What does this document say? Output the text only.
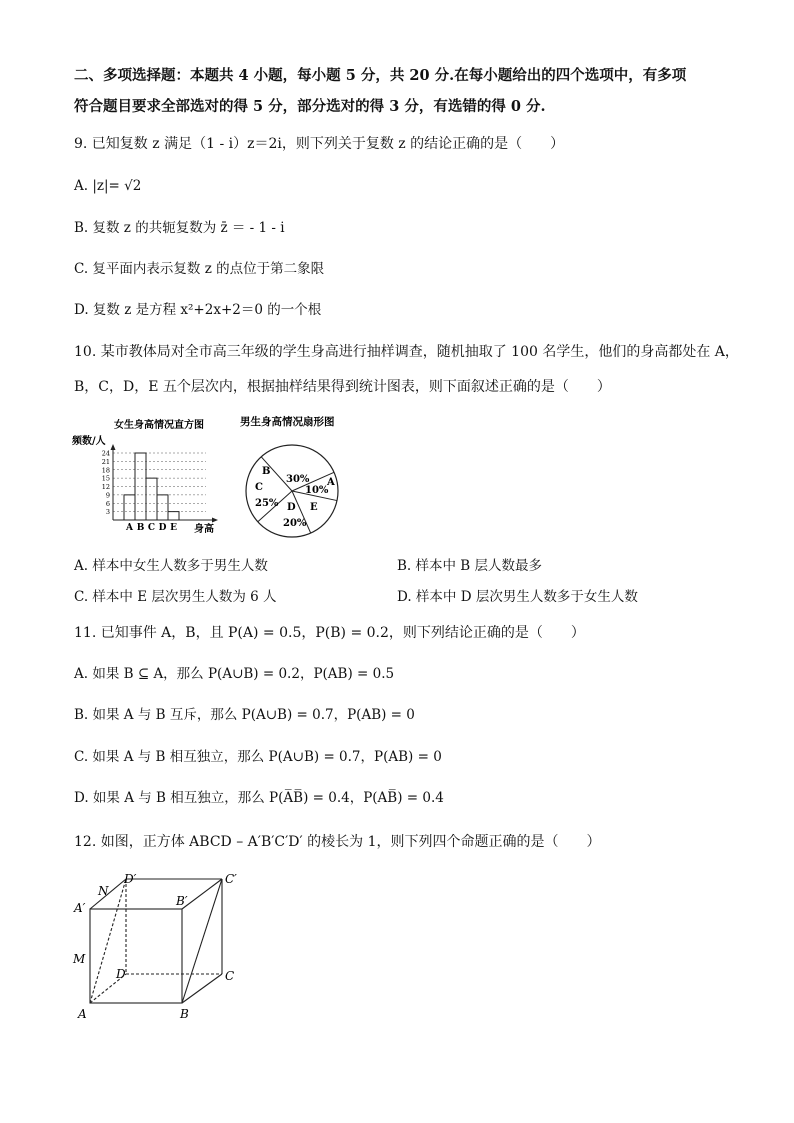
二、多项选择题：本题共 4 小题，每小题 5 分，共 20 分.在每小题给出的四个选项中，有多项
符合题目要求全部选对的得 5 分，部分选对的得 3 分，有选错的得 0 分.
9. 已知复数 z 满足（1 - i）z＝2i，则下列关于复数 z 的结论正确的是（　　）
A. |z|= √2
B. 复数 z 的共轭复数为 z̄ ＝ - 1 - i
C. 复平面内表示复数 z 的点位于第二象限
D. 复数 z 是方程 x²+2x+2＝0 的一个根
10. 某市教体局对全市高三年级的学生身高进行抽样调查，随机抽取了 100 名学生，他们的身高都处在 A，
B，C，D，E 五个层次内，根据抽样结果得到统计图表，则下面叙述正确的是（　　）
女生身高情况直方图
频数/人
身高
24
21
18
15
12
9
6
3
A B C D E
男生身高情况扇形图
B
30% A
10%
C
25% D E
20%
A. 样本中女生人数多于男生人数	B. 样本中 B 层人数最多
C. 样本中 E 层次男生人数为 6 人	D. 样本中 D 层次男生人数多于女生人数
11. 已知事件 A，B，且 P(A) = 0.5，P(B) = 0.2，则下列结论正确的是（　　）
A. 如果 B ⊆ A，那么 P(A∪B) = 0.2，P(AB) = 0.5
B. 如果 A 与 B 互斥，那么 P(A∪B) = 0.7，P(AB) = 0
C. 如果 A 与 B 相互独立，那么 P(A∪B) = 0.7，P(AB) = 0
D. 如果 A 与 B 相互独立，那么 P(A̅B̅) = 0.4，P(AB̅) = 0.4
12. 如图，正方体 ABCD – A′B′C′D′ 的棱长为 1，则下列四个命题正确的是（　　）
N
D′	C′
A′	B′
M
D	C
A	B
